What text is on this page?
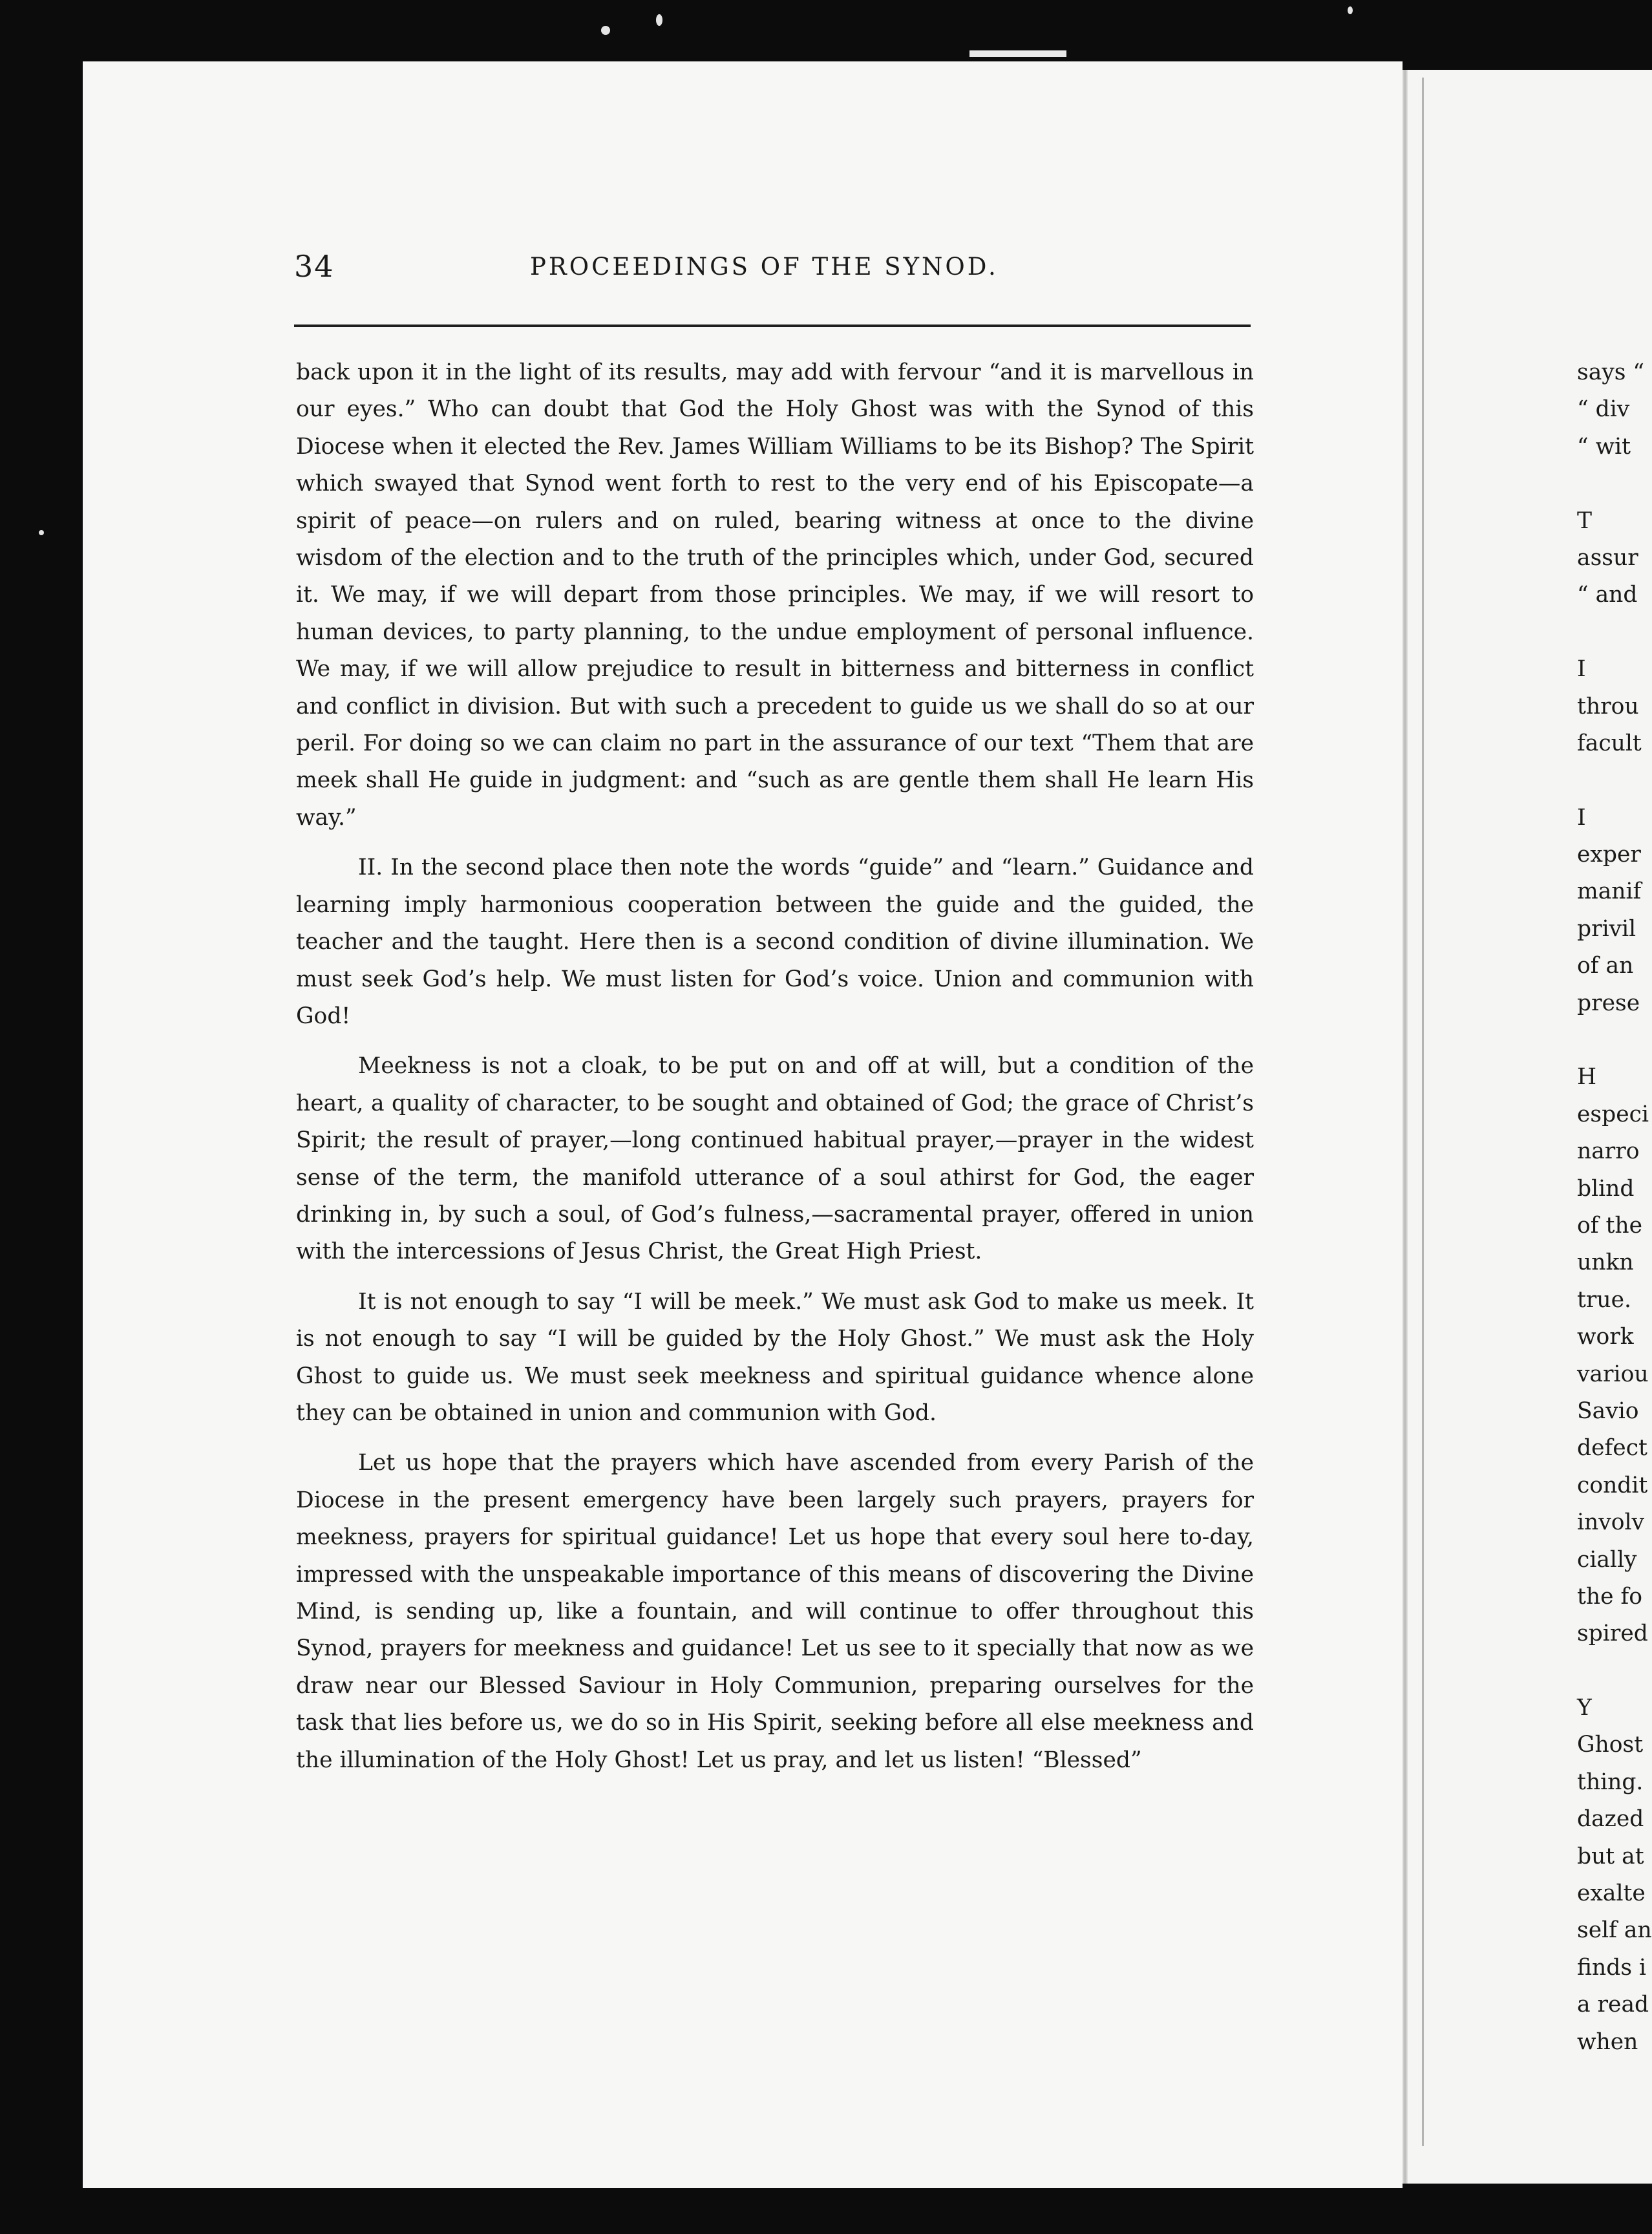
34	PROCEEDINGS OF THE SYNOD.

back upon it in the light of its results, may add with fervour “and it is marvellous in our eyes.” Who can doubt that God the Holy Ghost was with the Synod of this Diocese when it elected the Rev. James William Williams to be its Bishop? The Spirit which swayed that Synod went forth to rest to the very end of his Episcopate—a spirit of peace—on rulers and on ruled, bearing witness at once to the divine wisdom of the election and to the truth of the principles which, under God, secured it. We may, if we will depart from those principles. We may, if we will resort to human devices, to party planning, to the undue employment of personal influence. We may, if we will allow prejudice to result in bitterness and bitterness in conflict and conflict in division. But with such a precedent to guide us we shall do so at our peril. For doing so we can claim no part in the assurance of our text “Them that are meek shall He guide in judgment: and “such as are gentle them shall He learn His way.”

II. In the second place then note the words “guide” and “learn.” Guidance and learning imply harmonious cooperation between the guide and the guided, the teacher and the taught. Here then is a second condition of divine illumination. We must seek God’s help. We must listen for God’s voice. Union and communion with God!

Meekness is not a cloak, to be put on and off at will, but a condition of the heart, a quality of character, to be sought and obtained of God; the grace of Christ’s Spirit; the result of prayer,—long continued habitual prayer,—prayer in the widest sense of the term, the manifold utterance of a soul athirst for God, the eager drinking in, by such a soul, of God’s fulness,—sacramental prayer, offered in union with the intercessions of Jesus Christ, the Great High Priest.

It is not enough to say “I will be meek.” We must ask God to make us meek. It is not enough to say “I will be guided by the Holy Ghost.” We must ask the Holy Ghost to guide us. We must seek meekness and spiritual guidance whence alone they can be obtained in union and communion with God.

Let us hope that the prayers which have ascended from every Parish of the Diocese in the present emergency have been largely such prayers, prayers for meekness, prayers for spiritual guidance! Let us hope that every soul here to-day, impressed with the unspeakable importance of this means of discovering the Divine Mind, is sending up, like a fountain, and will continue to offer throughout this Synod, prayers for meekness and guidance! Let us see to it specially that now as we draw near our Blessed Saviour in Holy Communion, preparing ourselves for the task that lies before us, we do so in His Spirit, seeking before all else meekness and the illumination of the Holy Ghost! Let us pray, and let us listen! “Blessed”

says “
“ div
“ wit
T
assur
“ and
I
throu
facult
I
exper
manif
privil
of an
prese
H
especi
narro
blind
of the
unkn
true.
work
variou
Savio
defect
condit
involv
cially
the fo
spired
Y
Ghost
thing.
dazed
but at
exalte
self an
finds i
a read
when
